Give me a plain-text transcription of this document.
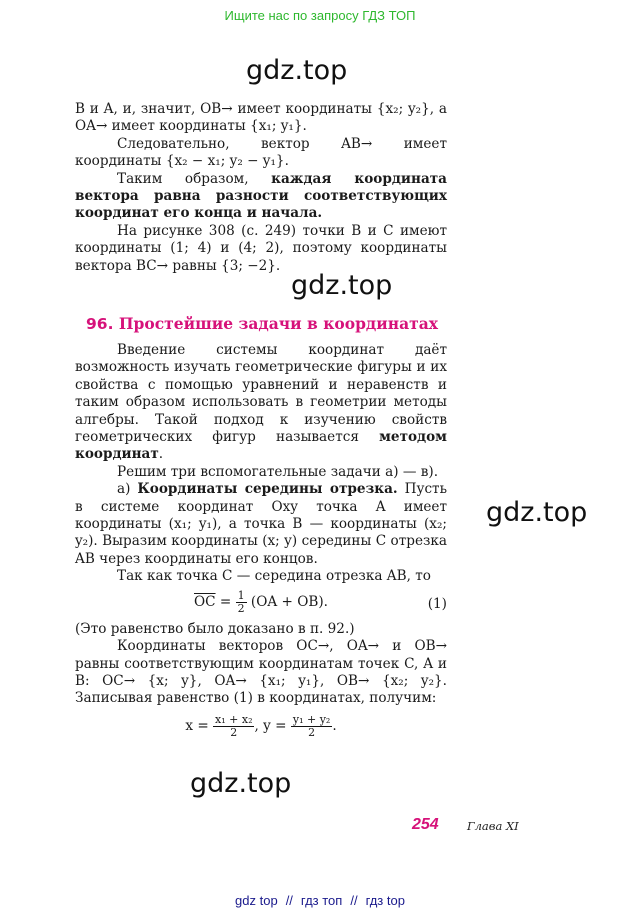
Ищите нас по запросу ГДЗ ТОП
gdz.top

B и A, и, значит, OB→ имеет координаты {x₂; y₂}, а OA→ имеет координаты {x₁; y₁}.

Следовательно, вектор AB→ имеет координаты {x₂ − x₁; y₂ − y₁}.

Таким образом, каждая координата вектора равна разности соответствующих координат его конца и начала.

На рисунке 308 (с. 249) точки B и C имеют координаты (1; 4) и (4; 2), поэтому координаты вектора BC→ равны {3; −2}.

gdz.top
96. Простейшие задачи в координатах

Введение системы координат даёт возможность изучать геометрические фигуры и их свойства с помощью уравнений и неравенств и таким образом использовать в геометрии методы алгебры. Такой подход к изучению свойств геометрических фигур называется методом координат.

Решим три вспомогательные задачи а) — в).

а) Координаты середины отрезка. Пусть в системе координат Oxy точка A имеет координаты (x₁; y₁), а точка B — координаты (x₂; y₂). Выразим координаты (x; y) середины C отрезка AB через координаты его концов.

Так как точка C — середина отрезка AB, то

$\overline{OC} = \frac{1}{2} (OA + OB)$.	(1)

(Это равенство было доказано в п. 92.)

Координаты векторов OC→, OA→ и OB→ равны соответствующим координатам точек C, A и B: OC→ {x; y}, OA→ {x₁; y₁}, OB→ {x₂; y₂}. Записывая равенство (1) в координатах, получим:

$x = \frac{\text{x₁ + x₂}}{2}$ , $y = \frac{\text{y₁ + y₂}}{2}$ .
gdz.top
gdz.top
254 Глава XI
gdz top // гдз топ // гдз top
